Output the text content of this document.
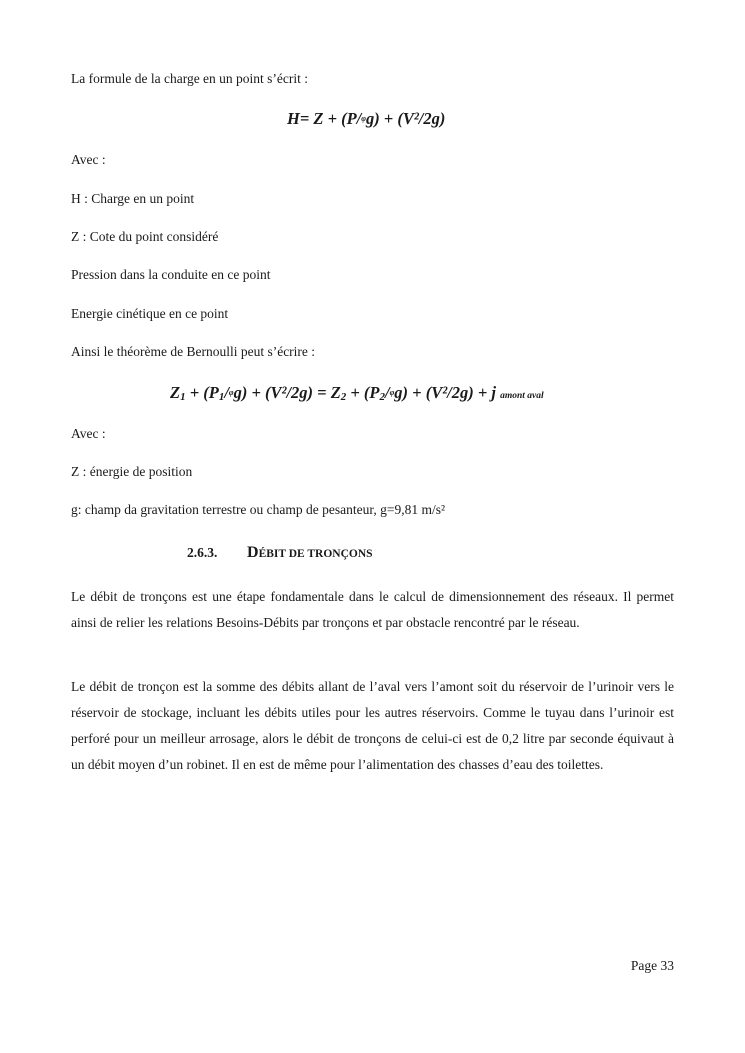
La formule de la charge en un point s’écrit :
H= Z + (P/φg) + (V²/2g)
Avec :
H : Charge en un point
Z : Cote du point considéré
Pression dans la conduite en ce point
Energie cinétique en ce point
Ainsi le théorème de Bernoulli peut s’écrire :
$Z_1 + (P_1/\varphi g) + (V^2/2g) = Z_2 + (P_2/\varphi g) + (V^2/2g) + j$ amont aval
Avec :
Z : énergie de position
g: champ da gravitation terrestre ou champ de pesanteur, g=9,81 m/s²
2.6.3. DÉBIT DE TRONÇONS

Le débit de tronçons est une étape fondamentale dans le calcul de dimensionnement des réseaux. Il permet ainsi de relier les relations Besoins-Débits par tronçons et par obstacle rencontré par le réseau.

Le débit de tronçon est la somme des débits allant de l’aval vers l’amont soit du réservoir de l’urinoir vers le réservoir de stockage, incluant les débits utiles pour les autres réservoirs. Comme le tuyau dans l’urinoir est perforé pour un meilleur arrosage, alors le débit de tronçons de celui-ci est de 0,2 litre par seconde équivaut à un débit moyen d’un robinet. Il en est de même pour l’alimentation des chasses d’eau des toilettes.

Page 33
